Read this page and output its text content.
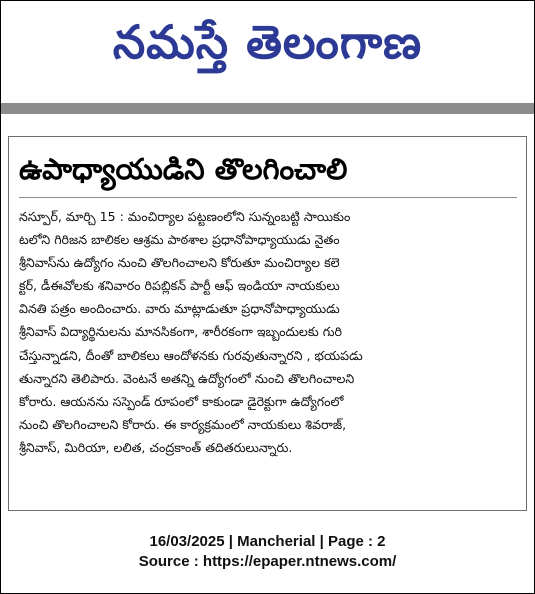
నమస్తే తెలంగాణ
ఉపాధ్యాయుడిని తొలగించాలి
నస్పూర్, మార్చి 15 : మంచిర్యాల పట్టణంలోని సున్నంబట్టి సాయికుం
టలోని గిరిజన బాలికల ఆశ్రమ పాఠశాల ప్రధానోపాధ్యాయుడు నైతం
శ్రీనివాస్‌ను ఉద్యోగం నుంచి తొలగించాలని కోరుతూ మంచిర్యాల కలె
క్టర్, డీఈవోలకు శనివారం రిపబ్లికన్ పార్టీ ఆఫ్ ఇండియా నాయకులు
వినతి పత్రం అందించారు. వారు మాట్లాడుతూ ప్రధానోపాధ్యాయుడు
శ్రీనివాస్ విద్యార్థినులను మానసికంగా, శారీరకంగా ఇబ్బందులకు గురి
చేస్తున్నాడని, దీంతో బాలికలు ఆందోళనకు గురవుతున్నారని , భయపడు
తున్నారని తెలిపారు. వెంటనే అతన్ని ఉద్యోగంలో నుంచి తొలగించాలని
కోరారు. ఆయనను సస్పెండ్ రూపంలో కాకుండా డైరెక్టుగా ఉద్యోగంలో
నుంచి తొలగించాలని కోరారు. ఈ కార్యక్రమంలో నాయకులు శివరాజ్,
శ్రీనివాస్, మిరియా, లలిత, చంద్రకాంత్ తదితరులున్నారు.
16/03/2025 | Mancherial | Page : 2
Source : https://epaper.ntnews.com/
